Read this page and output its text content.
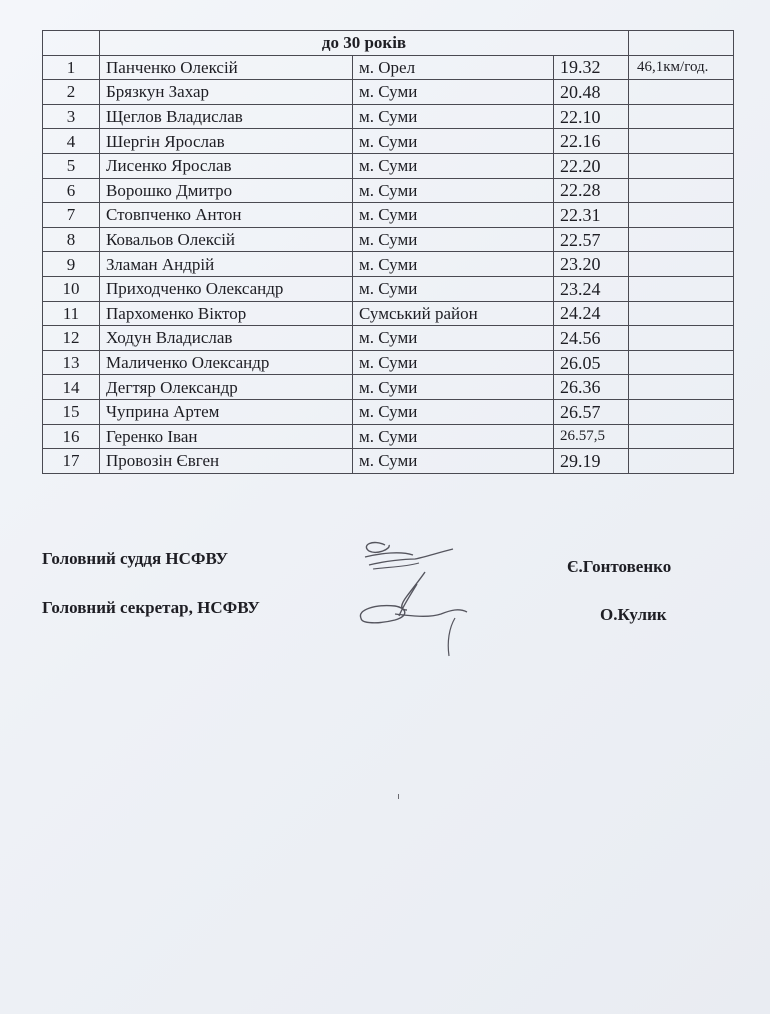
	до 30 років			
1	Панченко Олексій	м. Орел	19.32	46,1км/год.
2	Брязкун Захар	м. Суми	20.48	
3	Щеглов Владислав	м. Суми	22.10	
4	Шергін Ярослав	м. Суми	22.16	
5	Лисенко Ярослав	м. Суми	22.20	
6	Ворошко Дмитро	м. Суми	22.28	
7	Стовпченко Антон	м. Суми	22.31	
8	Ковальов Олексій	м. Суми	22.57	
9	Зламан Андрій	м. Суми	23.20	
10	Приходченко Олександр	м. Суми	23.24	
11	Пархоменко Віктор	Сумський район	24.24	
12	Ходун Владислав	м. Суми	24.56	
13	Маличенко Олександр	м. Суми	26.05	
14	Дегтяр Олександр	м. Суми	26.36	
15	Чуприна Артем	м. Суми	26.57	
16	Геренко Іван	м. Суми	26.57,5	
17	Провозін Євген	м. Суми	29.19	
Головний суддя НСФВУ	Є.Гонтовенко
Головний секретар, НСФВУ	О.Кулик
